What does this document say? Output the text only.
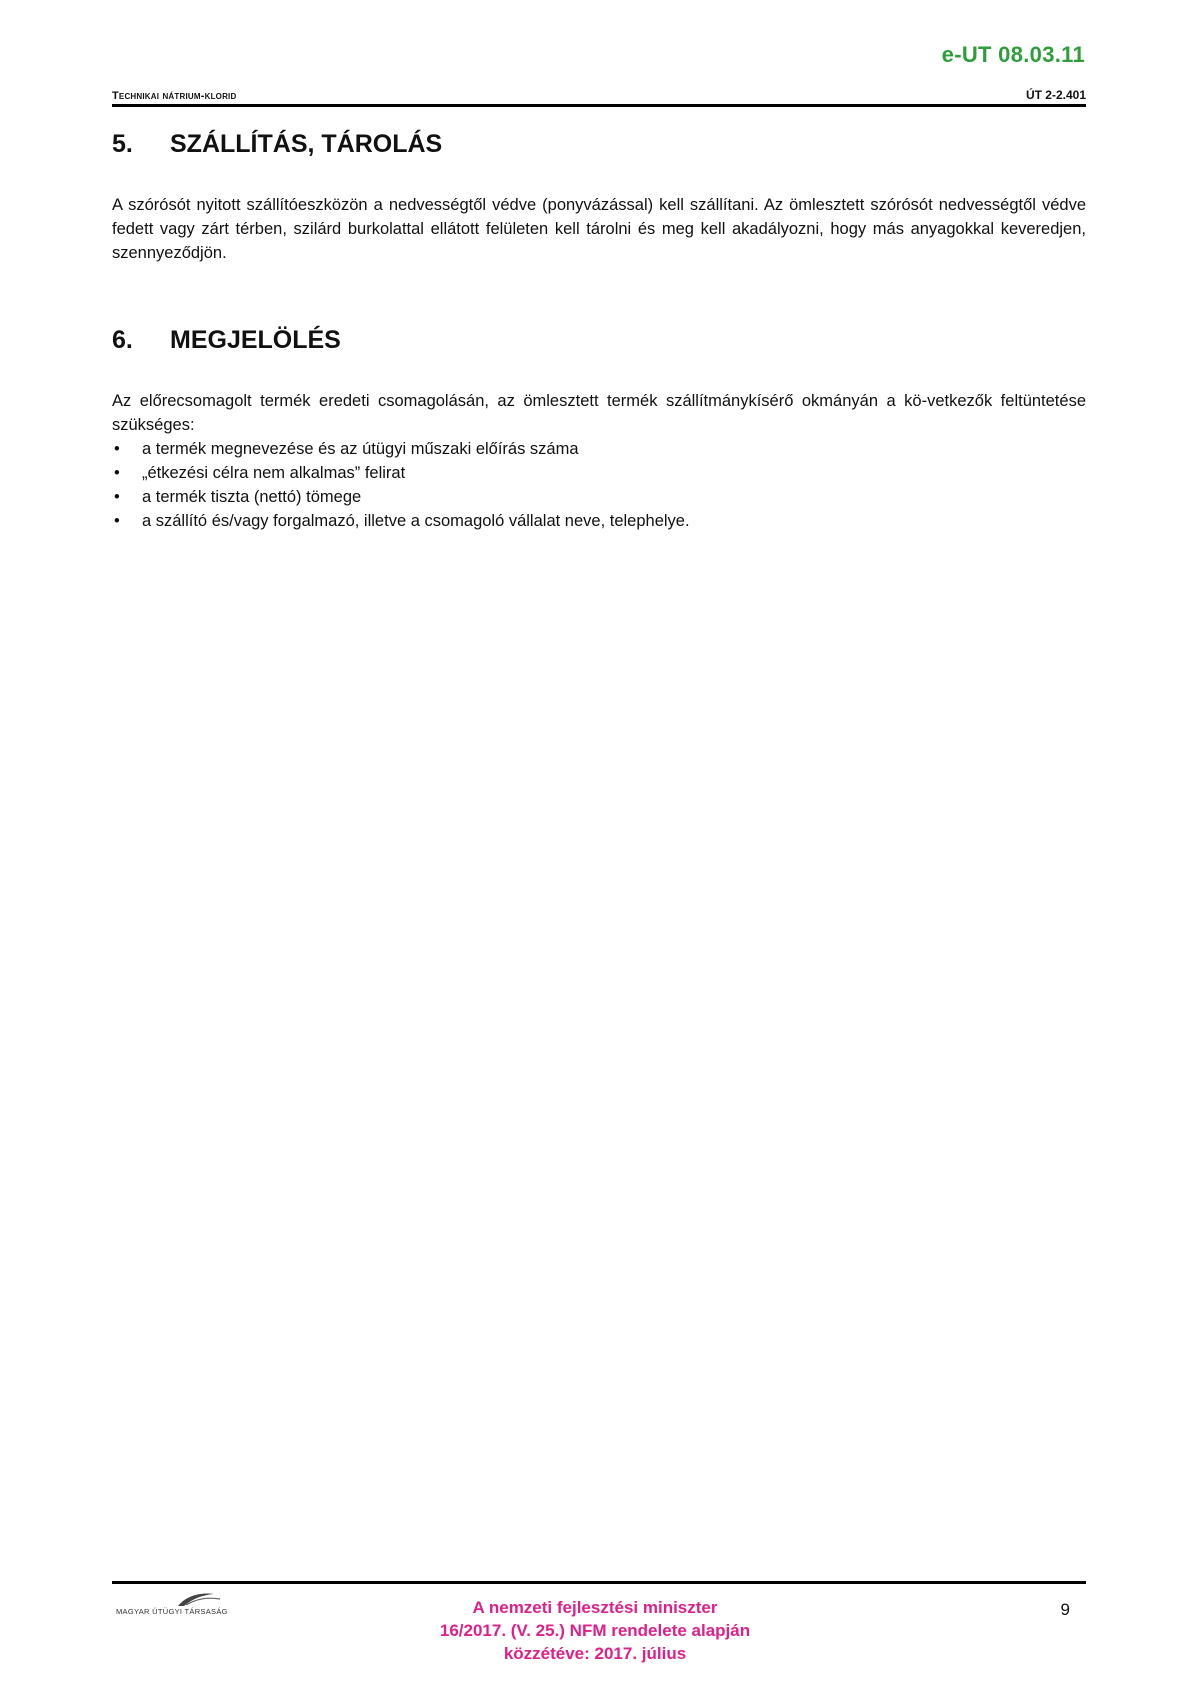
e-UT 08.03.11
Technikai nátrium-klorid	ÚT 2-2.401
5.	SZÁLLÍTÁS, TÁROLÁS

A szórósót nyitott szállítóeszközön a nedvességtől védve (ponyvázással) kell szállítani. Az ömlesztett szórósót nedvességtől védve fedett vagy zárt térben, szilárd burkolattal ellátott felületen kell tárolni és meg kell akadályozni, hogy más anyagokkal keveredjen, szennyeződjön.

6.	MEGJELÖLÉS

Az előrecsomagolt termék eredeti csomagolásán, az ömlesztett termék szállítmánykísérő okmányán a kö-vetkezők feltüntetése szükséges:

• a termék megnevezése és az útügyi műszaki előírás száma
• „étkezési célra nem alkalmas” felirat
• a termék tiszta (nettó) tömege
• a szállító és/vagy forgalmazó, illetve a csomagoló vállalat neve, telephelye.
MAGYAR ÚTÜGYI TÁRSASÁG	A nemzeti fejlesztési miniszter
16/2017. (V. 25.) NFM rendelete alapján
közzétéve: 2017. július
9
